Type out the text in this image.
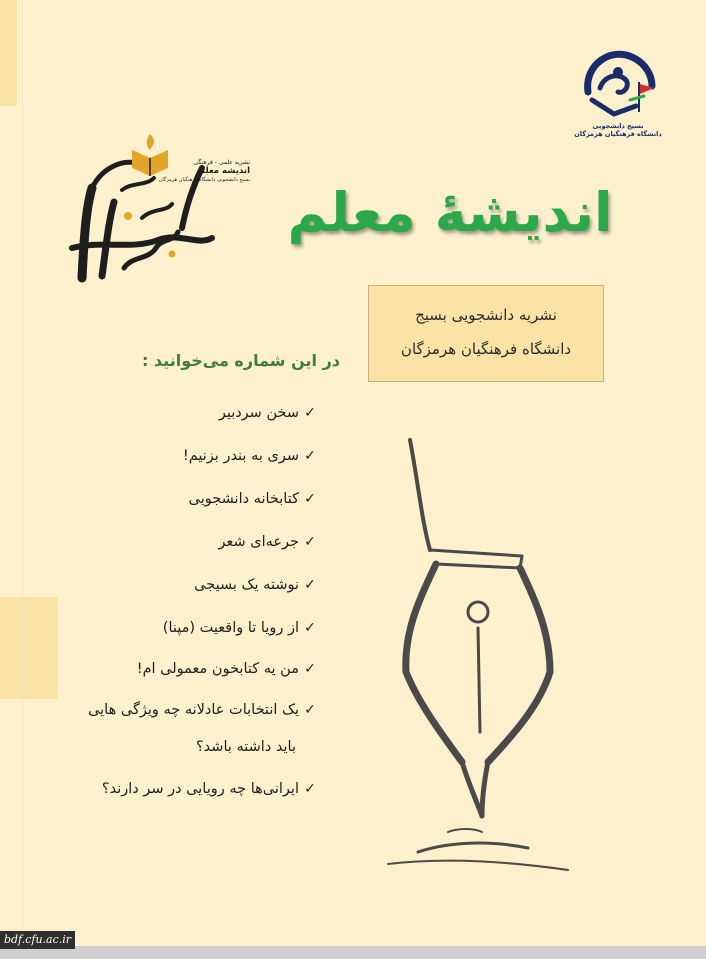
بسیج دانشجویی
دانشگاه فرهنگیان هرمزگان
نشریه علمی - فرهنگی
اندیشه معلم
بسیج دانشجویی دانشگاه فرهنگیان هرمزگان
اندیشهٔ معلم
نشریه دانشجویی بسیج
دانشگاه فرهنگیان هرمزگان
در این شماره می‌خوانید :
✓سخن سردبیر
✓سری به بندر بزنیم!
✓کتابخانه دانشجویی
✓جرعه‌ای شعر
✓نوشته یک بسیجی
✓از رویا تا واقعیت (مپنا)
✓من یه کتابخون معمولی ام!
✓یک انتخابات عادلانه چه ویژگی هایی
باید داشته باشد؟
✓ایرانی‌ها چه رویایی در سر دارند؟
bdf.cfu.ac.ir
